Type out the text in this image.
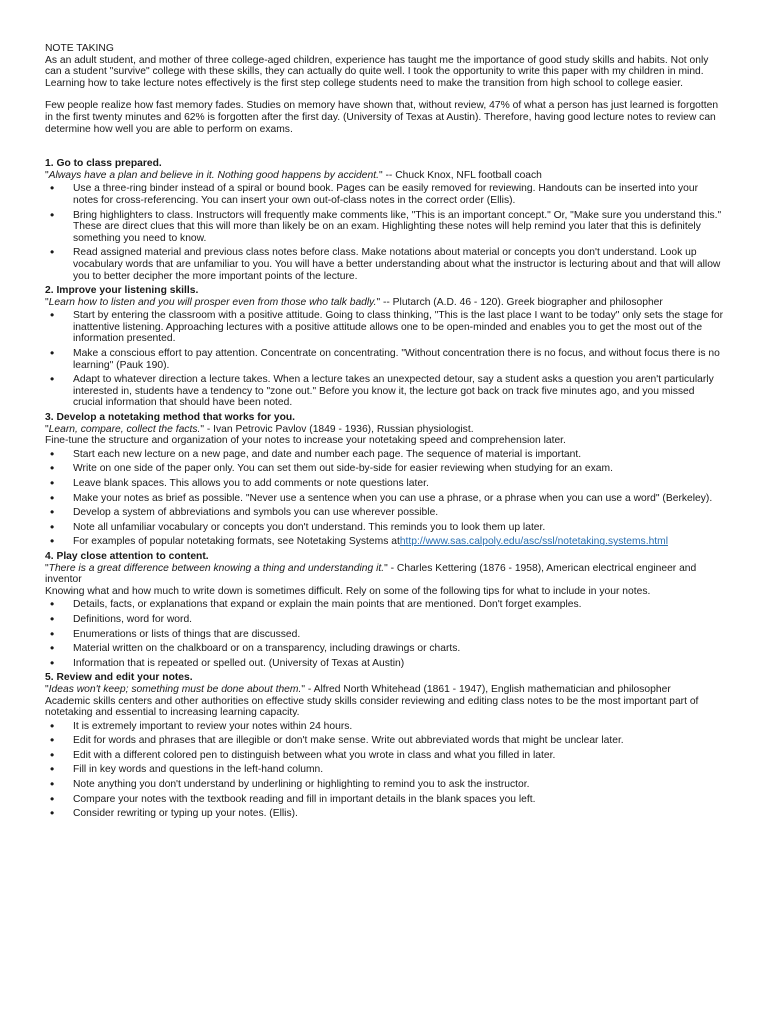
NOTE TAKING

As an adult student, and mother of three college-aged children, experience has taught me the importance of good study skills and habits. Not only can a student "survive" college with these skills, they can actually do quite well. I took the opportunity to write this paper with my children in mind. Learning how to take lecture notes effectively is the first step college students need to make the transition from high school to college easier.

Few people realize how fast memory fades. Studies on memory have shown that, without review, 47% of what a person has just learned is forgotten in the first twenty minutes and 62% is forgotten after the first day. (University of Texas at Austin). Therefore, having good lecture notes to review can determine how well you are able to perform on exams.

1. Go to class prepared.

"Always have a plan and believe in it. Nothing good happens by accident." -- Chuck Knox, NFL football coach

• Use a three-ring binder instead of a spiral or bound book. Pages can be easily removed for reviewing. Handouts can be inserted into your notes for cross-referencing. You can insert your own out-of-class notes in the correct order (Ellis).
• Bring highlighters to class. Instructors will frequently make comments like, "This is an important concept." Or, "Make sure you understand this." These are direct clues that this will more than likely be on an exam. Highlighting these notes will help remind you later that this is definitely something you need to know.
• Read assigned material and previous class notes before class. Make notations about material or concepts you don't understand. Look up vocabulary words that are unfamiliar to you. You will have a better understanding about what the instructor is lecturing about and that will allow you to better decipher the more important points of the lecture.

2. Improve your listening skills.

"Learn how to listen and you will prosper even from those who talk badly." -- Plutarch (A.D. 46 - 120). Greek biographer and philosopher

• Start by entering the classroom with a positive attitude. Going to class thinking, "This is the last place I want to be today" only sets the stage for inattentive listening. Approaching lectures with a positive attitude allows one to be open-minded and enables you to get the most out of the information presented.
• Make a conscious effort to pay attention. Concentrate on concentrating. "Without concentration there is no focus, and without focus there is no learning" (Pauk 190).
• Adapt to whatever direction a lecture takes. When a lecture takes an unexpected detour, say a student asks a question you aren't particularly interested in, students have a tendency to "zone out." Before you know it, the lecture got back on track five minutes ago, and you missed crucial information that should have been noted.

3. Develop a notetaking method that works for you.

"Learn, compare, collect the facts." - Ivan Petrovic Pavlov (1849 - 1936), Russian physiologist.

Fine-tune the structure and organization of your notes to increase your notetaking speed and comprehension later.

• Start each new lecture on a new page, and date and number each page. The sequence of material is important.
• Write on one side of the paper only. You can set them out side-by-side for easier reviewing when studying for an exam.
• Leave blank spaces. This allows you to add comments or note questions later.
• Make your notes as brief as possible. "Never use a sentence when you can use a phrase, or a phrase when you can use a word" (Berkeley).
• Develop a system of abbreviations and symbols you can use wherever possible.
• Note all unfamiliar vocabulary or concepts you don't understand. This reminds you to look them up later.
• For examples of popular notetaking formats, see Notetaking Systems athttp://www.sas.calpoly.edu/asc/ssl/notetaking.systems.html

4. Play close attention to content.

"There is a great difference between knowing a thing and understanding it." - Charles Kettering (1876 - 1958), American electrical engineer and inventor

Knowing what and how much to write down is sometimes difficult. Rely on some of the following tips for what to include in your notes.

• Details, facts, or explanations that expand or explain the main points that are mentioned. Don't forget examples.
• Definitions, word for word.
• Enumerations or lists of things that are discussed.
• Material written on the chalkboard or on a transparency, including drawings or charts.
• Information that is repeated or spelled out. (University of Texas at Austin)

5. Review and edit your notes.

"Ideas won't keep; something must be done about them." - Alfred North Whitehead (1861 - 1947), English mathematician and philosopher

Academic skills centers and other authorities on effective study skills consider reviewing and editing class notes to be the most important part of notetaking and essential to increasing learning capacity.

• It is extremely important to review your notes within 24 hours.
• Edit for words and phrases that are illegible or don't make sense. Write out abbreviated words that might be unclear later.
• Edit with a different colored pen to distinguish between what you wrote in class and what you filled in later.
• Fill in key words and questions in the left-hand column.
• Note anything you don't understand by underlining or highlighting to remind you to ask the instructor.
• Compare your notes with the textbook reading and fill in important details in the blank spaces you left.
• Consider rewriting or typing up your notes. (Ellis).
